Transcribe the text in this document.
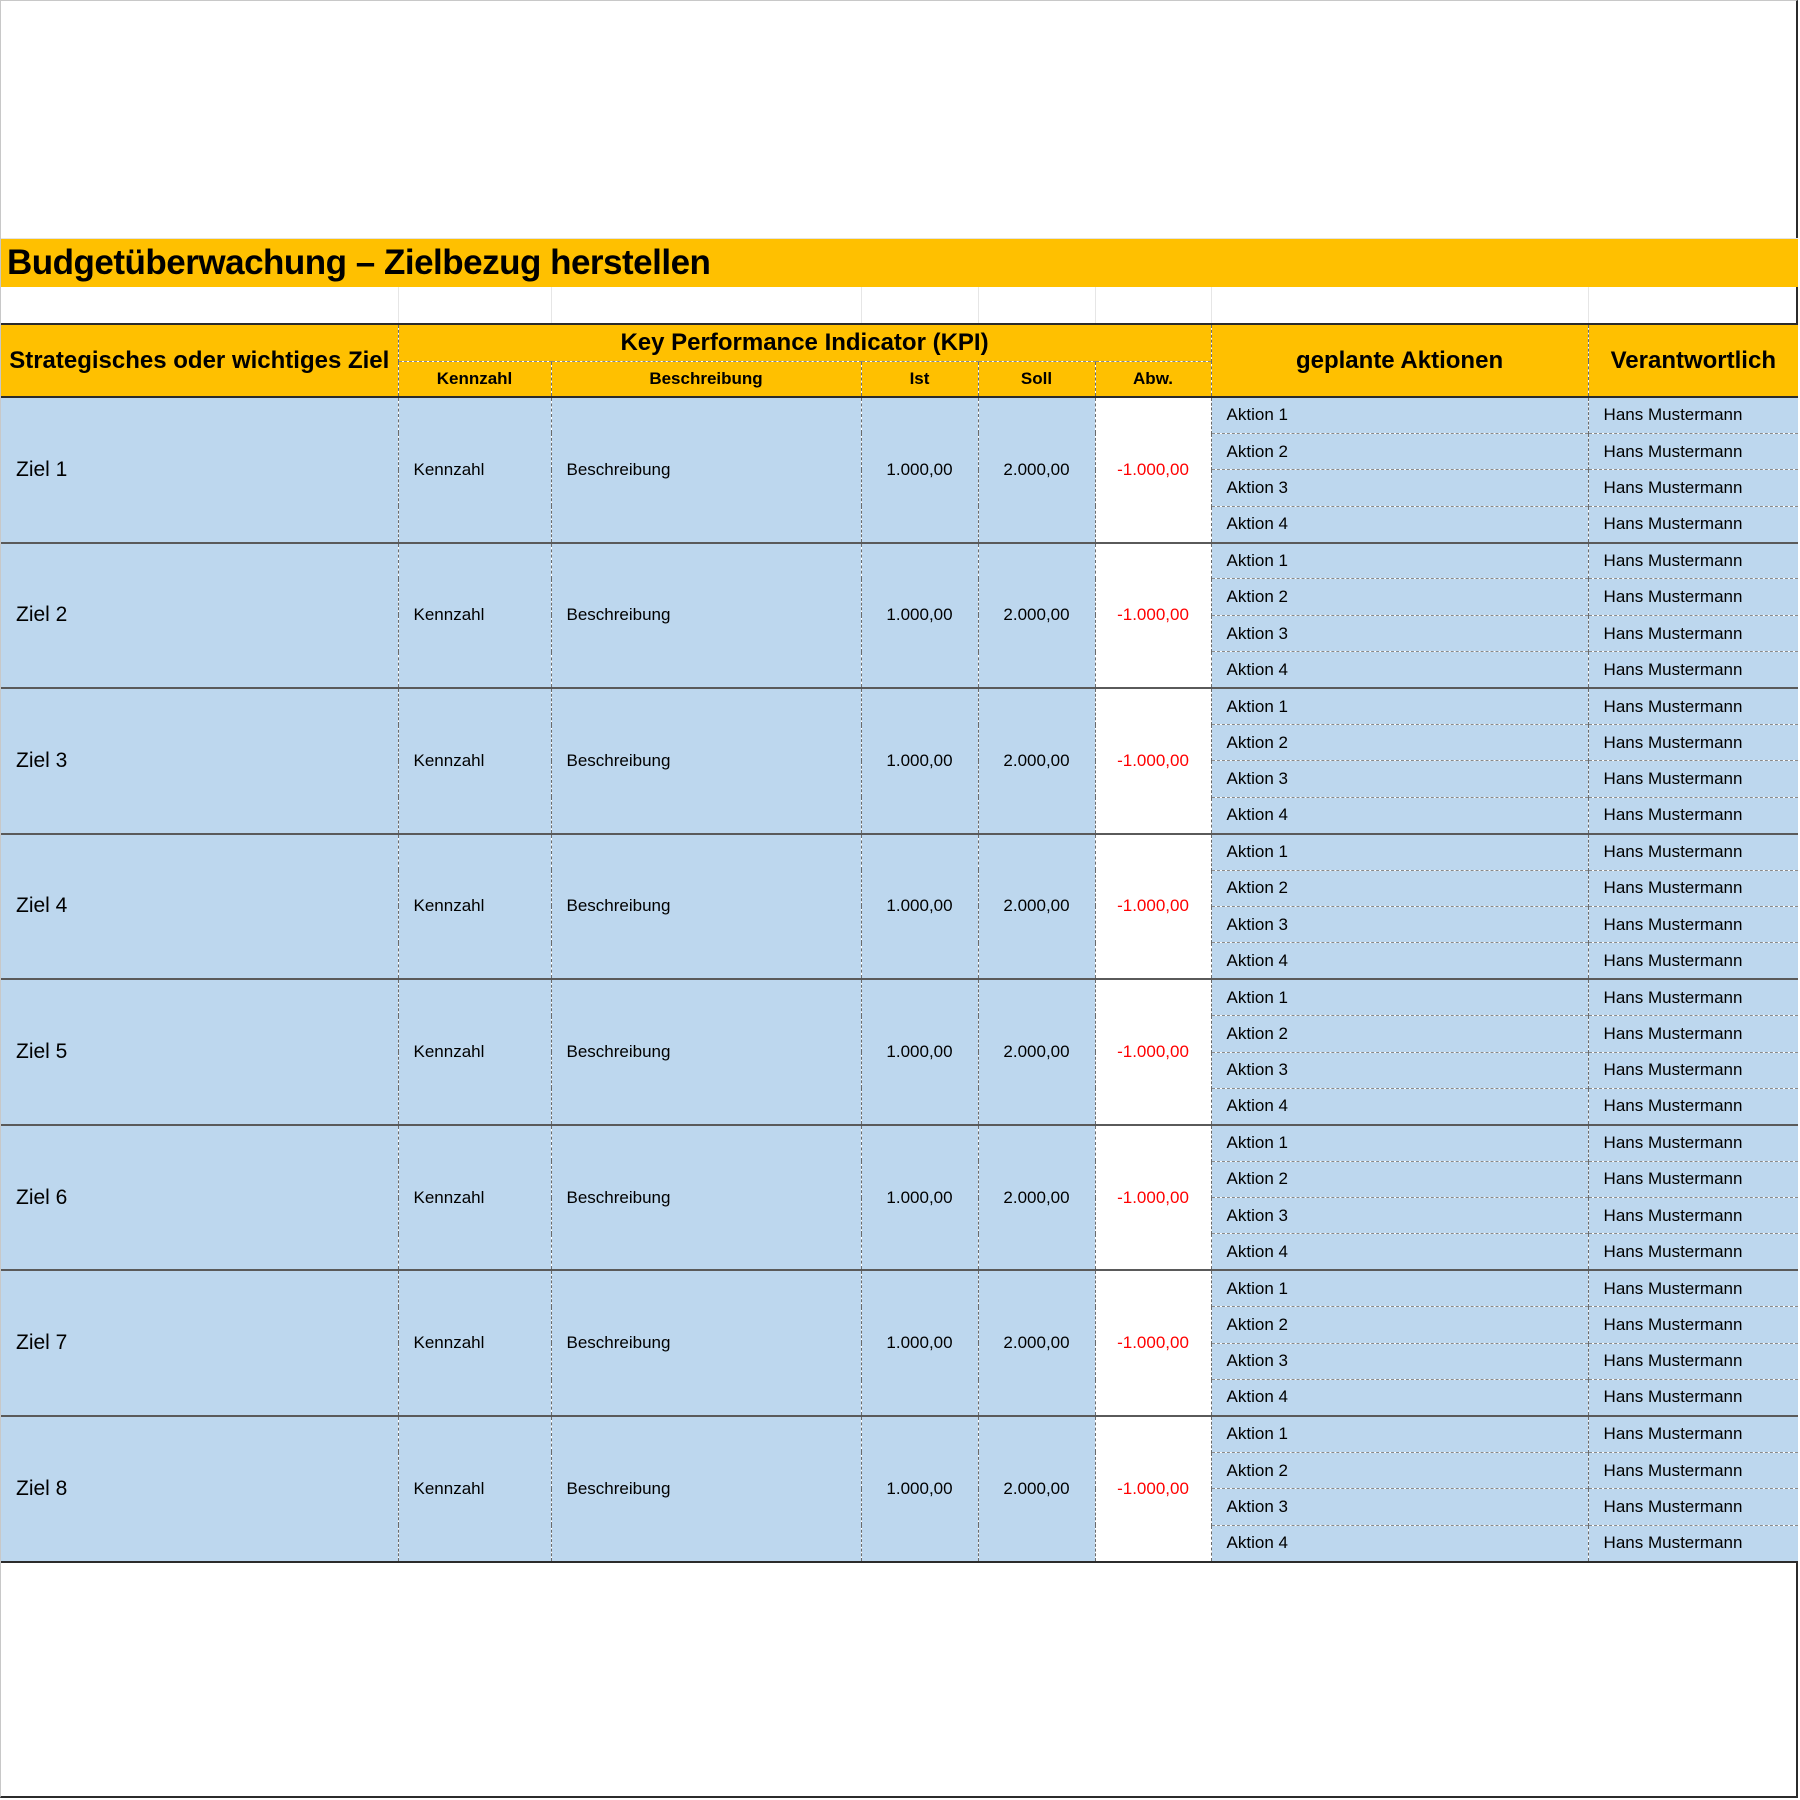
Budgetüberwachung – Zielbezug herstellen
Strategisches oder wichtiges Ziel	Key Performance Indicator (KPI)					geplante Aktionen	Verantwortlich
	Kennzahl	Beschreibung	Ist	Soll	Abw.		
Ziel 1	Kennzahl	Beschreibung	1.000,00	2.000,00	-1.000,00	Aktion 1	Hans Mustermann
						Aktion 2	Hans Mustermann
						Aktion 3	Hans Mustermann
						Aktion 4	Hans Mustermann
Ziel 2	Kennzahl	Beschreibung	1.000,00	2.000,00	-1.000,00	Aktion 1	Hans Mustermann
						Aktion 2	Hans Mustermann
						Aktion 3	Hans Mustermann
						Aktion 4	Hans Mustermann
Ziel 3	Kennzahl	Beschreibung	1.000,00	2.000,00	-1.000,00	Aktion 1	Hans Mustermann
						Aktion 2	Hans Mustermann
						Aktion 3	Hans Mustermann
						Aktion 4	Hans Mustermann
Ziel 4	Kennzahl	Beschreibung	1.000,00	2.000,00	-1.000,00	Aktion 1	Hans Mustermann
						Aktion 2	Hans Mustermann
						Aktion 3	Hans Mustermann
						Aktion 4	Hans Mustermann
Ziel 5	Kennzahl	Beschreibung	1.000,00	2.000,00	-1.000,00	Aktion 1	Hans Mustermann
						Aktion 2	Hans Mustermann
						Aktion 3	Hans Mustermann
						Aktion 4	Hans Mustermann
Ziel 6	Kennzahl	Beschreibung	1.000,00	2.000,00	-1.000,00	Aktion 1	Hans Mustermann
						Aktion 2	Hans Mustermann
						Aktion 3	Hans Mustermann
						Aktion 4	Hans Mustermann
Ziel 7	Kennzahl	Beschreibung	1.000,00	2.000,00	-1.000,00	Aktion 1	Hans Mustermann
						Aktion 2	Hans Mustermann
						Aktion 3	Hans Mustermann
						Aktion 4	Hans Mustermann
Ziel 8	Kennzahl	Beschreibung	1.000,00	2.000,00	-1.000,00	Aktion 1	Hans Mustermann
						Aktion 2	Hans Mustermann
						Aktion 3	Hans Mustermann
						Aktion 4	Hans Mustermann
